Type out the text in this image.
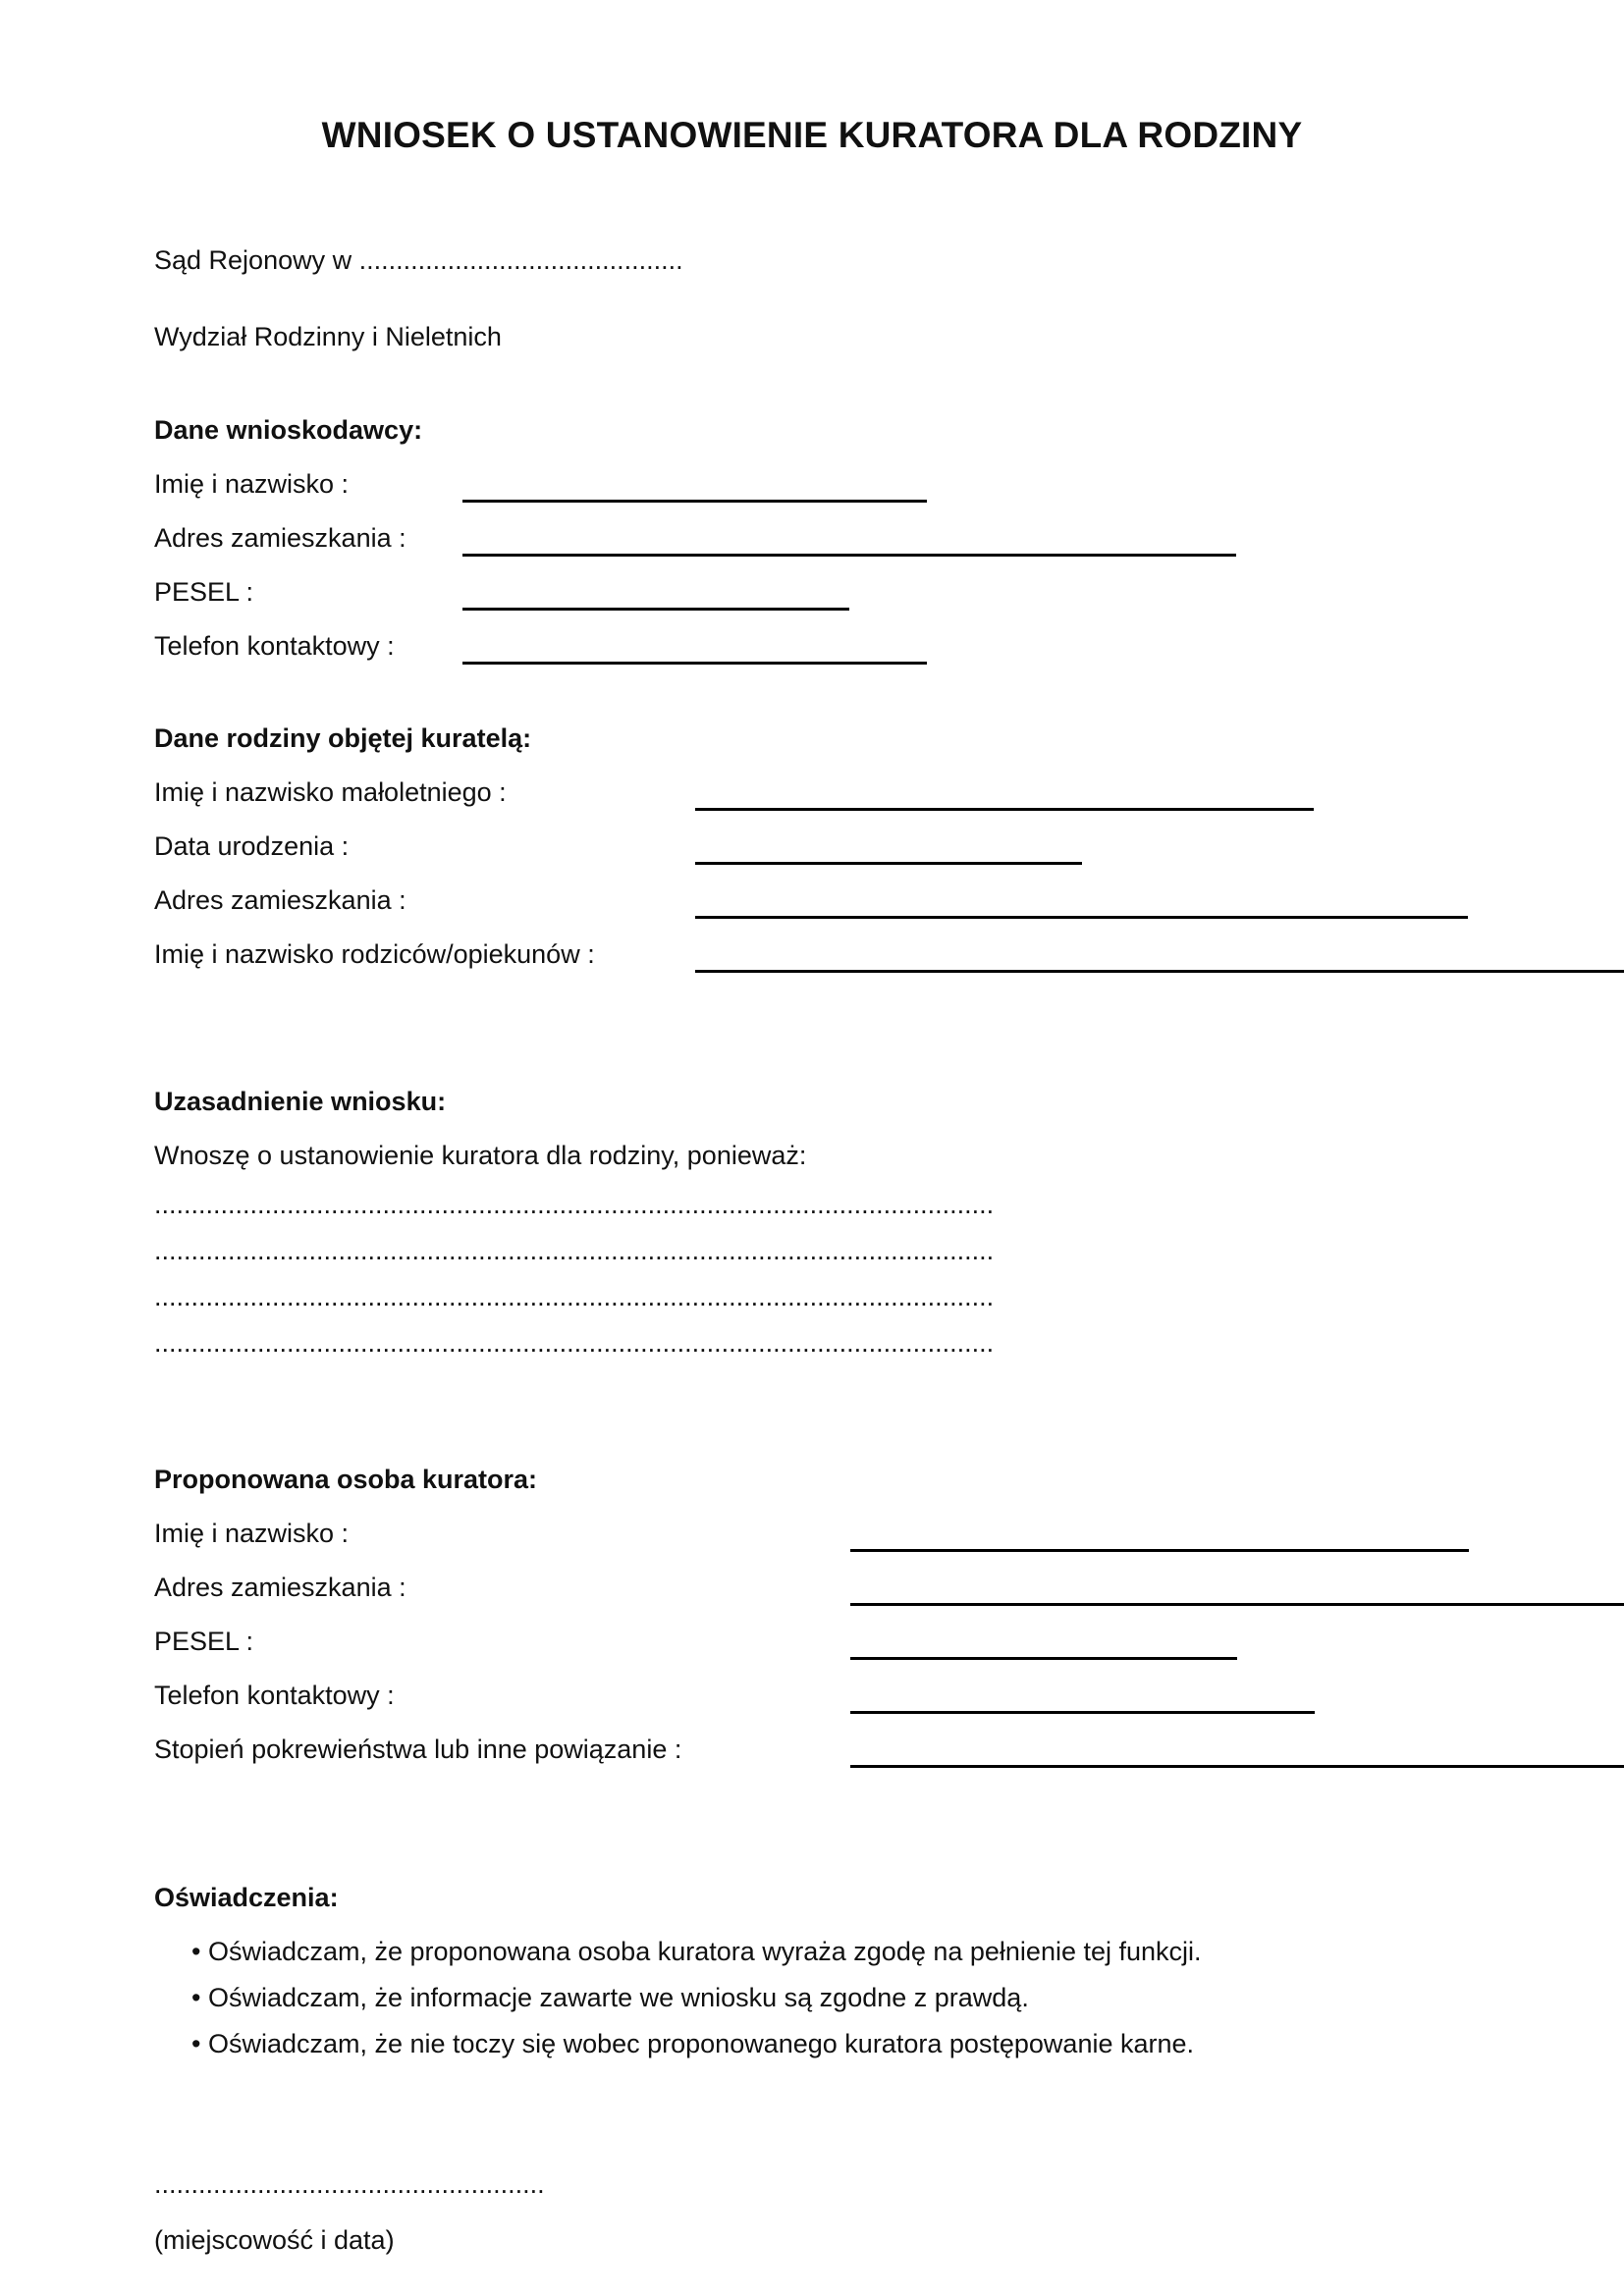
WNIOSEK O USTANOWIENIE KURATORA DLA RODZINY
Sąd Rejonowy w ............................................
Wydział Rodzinny i Nieletnich
Dane wnioskodawcy:
Imię i nazwisko :
Adres zamieszkania :
PESEL :
Telefon kontaktowy :
Dane rodziny objętej kuratelą:
Imię i nazwisko małoletniego :
Data urodzenia :
Adres zamieszkania :
Imię i nazwisko rodziców/opiekunów :
Uzasadnienie wniosku:
Wnoszę o ustanowienie kuratora dla rodziny, ponieważ:
..................................................................................................................
..................................................................................................................
..................................................................................................................
..................................................................................................................
Proponowana osoba kuratora:
Imię i nazwisko :
Adres zamieszkania :
PESEL :
Telefon kontaktowy :
Stopień pokrewieństwa lub inne powiązanie :
Oświadczenia:
• Oświadczam, że proponowana osoba kuratora wyraża zgodę na pełnienie tej funkcji.
• Oświadczam, że informacje zawarte we wniosku są zgodne z prawdą.
• Oświadczam, że nie toczy się wobec proponowanego kuratora postępowanie karne.
.....................................................
(miejscowość i data)
